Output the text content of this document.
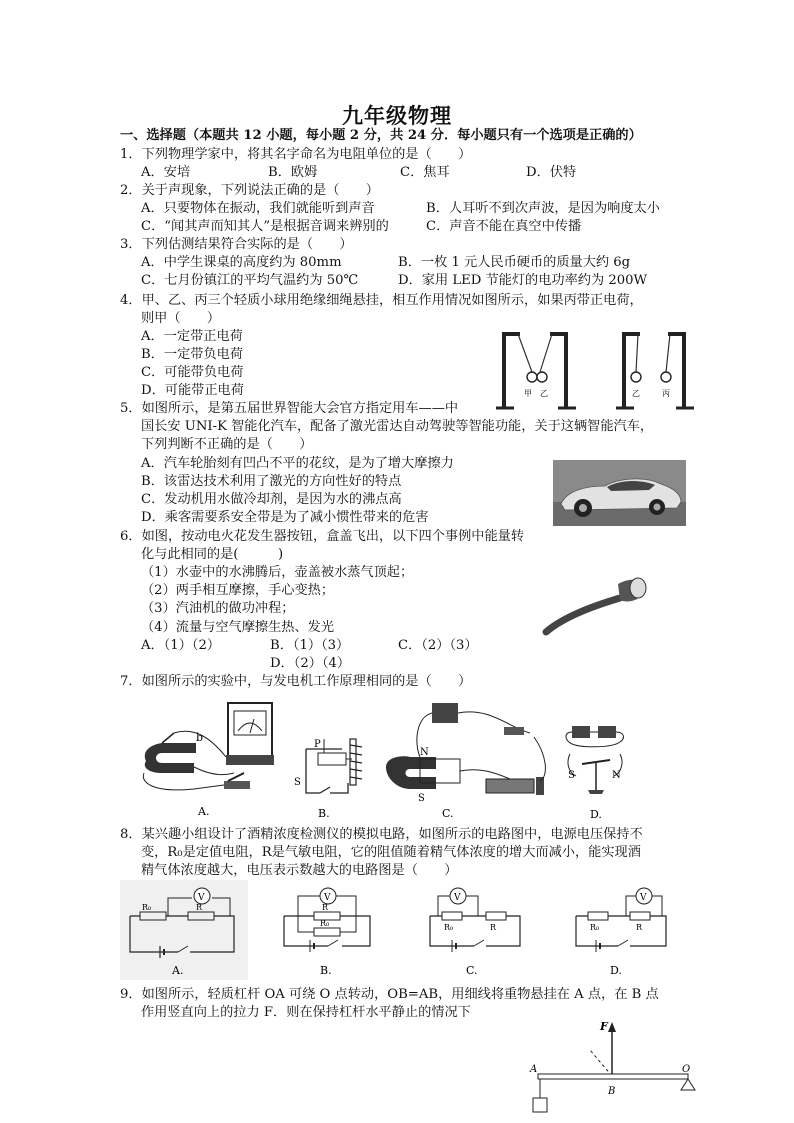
九年级物理
一、选择题（本题共 12 小题，每小题 2 分，共 24 分．每小题只有一个选项是正确的）
1．下列物理学家中，将其名字命名为电阻单位的是（　　）
A．安培	B．欧姆	C．焦耳	D．伏特
2．关于声现象，下列说法正确的是（　　）
A．只要物体在振动，我们就能听到声音	B．人耳听不到次声波，是因为响度太小
C．“闻其声而知其人”是根据音调来辨别的	C．声音不能在真空中传播
3．下列估测结果符合实际的是（　　）
A．中学生课桌的高度约为 80mm	B．一枚 1 元人民币硬币的质量大约 6g
C．七月份镇江的平均气温约为 50℃	D．家用 LED 节能灯的电功率约为 200W
4．甲、乙、丙三个轻质小球用绝缘细绳悬挂，相互作用情况如图所示，如果丙带正电荷，
则甲（　　）
A．一定带正电荷
B．一定带负电荷
C．可能带负电荷
D．可能带正电荷	甲 乙	乙	丙
5．如图所示，是第五届世界智能大会官方指定用车——中
国长安 UNI-K 智能化汽车，配备了激光雷达自动驾驶等智能功能，关于这辆智能汽车，
下列判断不正确的是（　　）
A．汽车轮胎刻有凹凸不平的花纹，是为了增大摩擦力
B．该雷达技术利用了激光的方向性好的特点
C．发动机用水做冷却剂，是因为水的沸点高
D．乘客需要系安全带是为了减小惯性带来的危害
6．如图，按动电火花发生器按钮，盒盖飞出，以下四个事例中能量转
化与此相同的是(　　　)
（1）水壶中的水沸腾后，壶盖被水蒸气顶起；
（2）两手相互摩擦，手心变热；
（3）汽油机的做功冲程；
（4）流量与空气摩擦生热、发光
A．（1）（2）	B．（1）（3）	C．（2）（3）
D．（2）（4）
7．如图所示的实验中，与发电机工作原理相同的是（　　）
b
A.
P
S
B.
N
S
C.
S	N
D.
8．某兴趣小组设计了酒精浓度检测仪的模拟电路，如图所示的电路图中，电源电压保持不
变，R₀是定值电阻，R是气敏电阻，它的阻值随着精气体浓度的增大而减小，能实现酒
精气体浓度越大，电压表示数越大的电路图是（　　）
V
R₀	R
A.
V
R
R₀
B.
V
R₀	R
C.
V
R₀	R
D.
9．如图所示，轻质杠杆 OA 可绕 O 点转动，OB=AB，用细线将重物悬挂在 A 点，在 B 点
作用竖直向上的拉力 F．则在保持杠杆水平静止的情况下
F
A
B
O
